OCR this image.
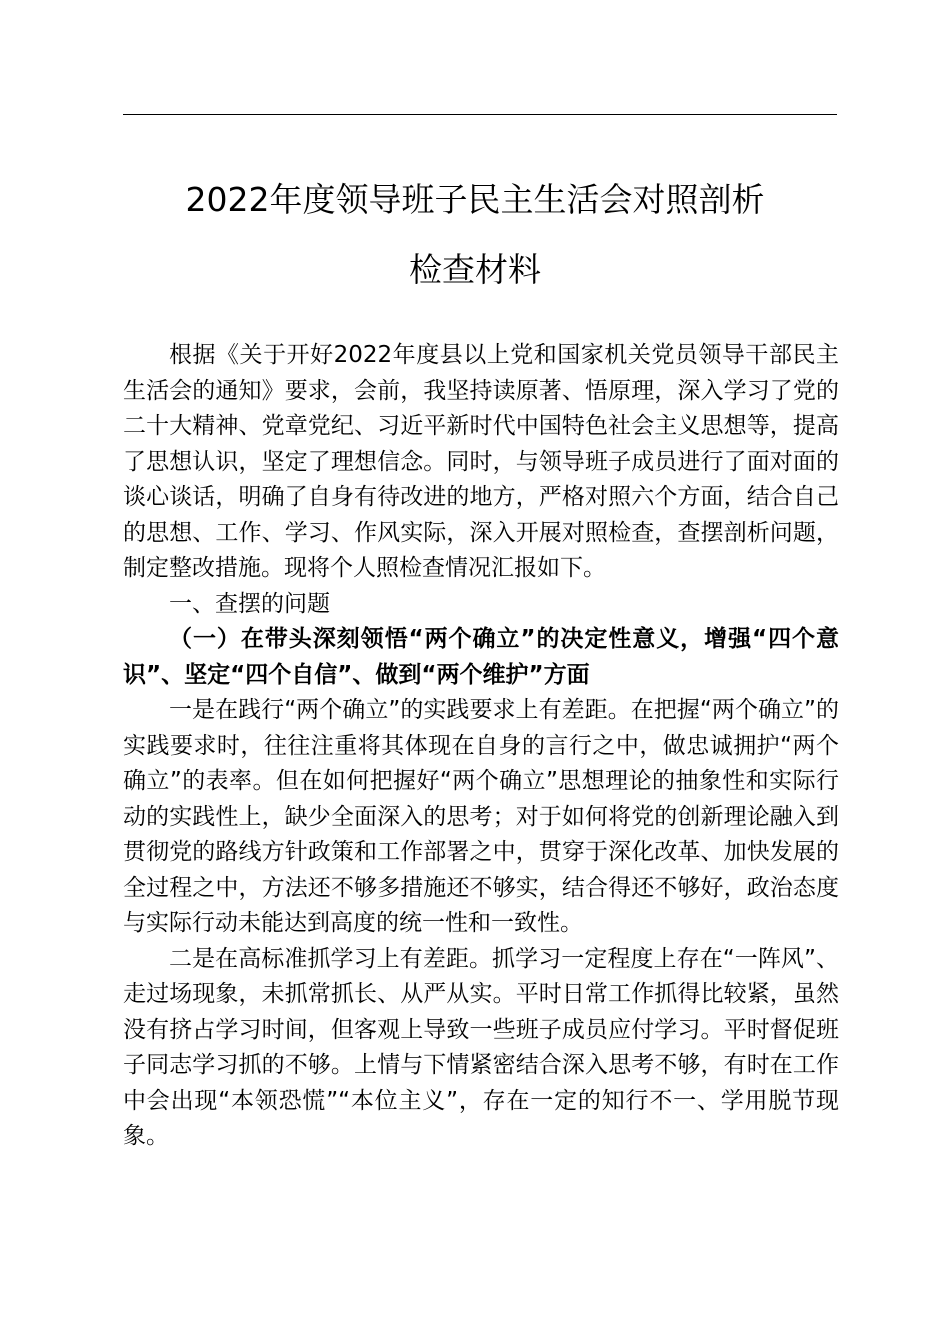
2022年度领导班子民主生活会对照剖析
检查材料

根据《关于开好2022年度县以上党和国家机关党员领导干部民主生活会的通知》要求，会前，我坚持读原著、悟原理，深入学习了党的二十大精神、党章党纪、习近平新时代中国特色社会主义思想等，提高了思想认识，坚定了理想信念。同时，与领导班子成员进行了面对面的谈心谈话，明确了自身有待改进的地方，严格对照六个方面，结合自己的思想、工作、学习、作风实际，深入开展对照检查，查摆剖析问题，制定整改措施。现将个人照检查情况汇报如下。

一、查摆的问题

（一）在带头深刻领悟“两个确立”的决定性意义，增强“四个意识”、坚定“四个自信”、做到“两个维护”方面

一是在践行“两个确立”的实践要求上有差距。在把握“两个确立”的实践要求时，往往注重将其体现在自身的言行之中，做忠诚拥护“两个确立”的表率。但在如何把握好“两个确立”思想理论的抽象性和实际行动的实践性上，缺少全面深入的思考；对于如何将党的创新理论融入到贯彻党的路线方针政策和工作部署之中，贯穿于深化改革、加快发展的全过程之中，方法还不够多措施还不够实，结合得还不够好，政治态度与实际行动未能达到高度的统一性和一致性。

二是在高标准抓学习上有差距。抓学习一定程度上存在“一阵风”、走过场现象，未抓常抓长、从严从实。平时日常工作抓得比较紧，虽然没有挤占学习时间，但客观上导致一些班子成员应付学习。平时督促班子同志学习抓的不够。上情与下情紧密结合深入思考不够，有时在工作中会出现“本领恐慌”“本位主义”，存在一定的知行不一、学用脱节现象。
